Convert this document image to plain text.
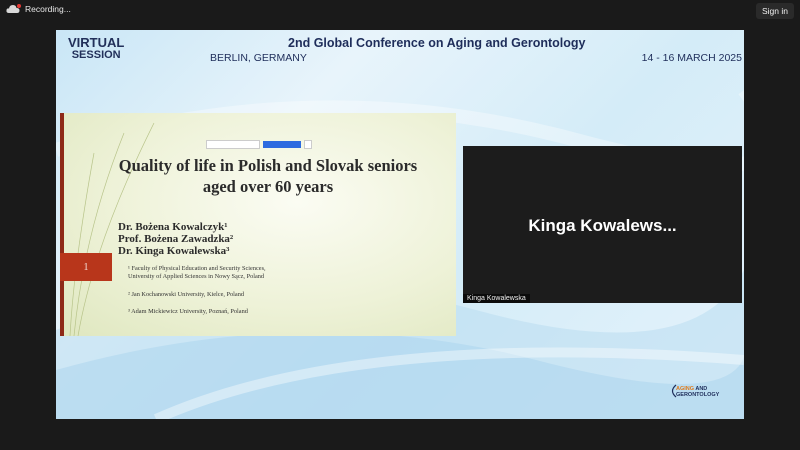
Recording...	Sign in
VIRTUAL
SESSION
2nd Global Conference on Aging and Gerontology
BERLIN, GERMANY	14 - 16 MARCH 2025
Quality of life in Polish and Slovak seniors
aged over 60 years
Dr. Bożena Kowalczyk¹
Prof. Bożena Zawadzka²
Dr. Kinga Kowalewska³
1	¹ Faculty of Physical Education and Security Sciences,
University of Applied Sciences in Nowy Sącz, Poland
² Jan Kochanowski University, Kielce, Poland
³ Adam Mickiewicz University, Poznań, Poland
Kinga Kowalews...
Kinga Kowalewska
AGING AND
GERONTOLOGY
